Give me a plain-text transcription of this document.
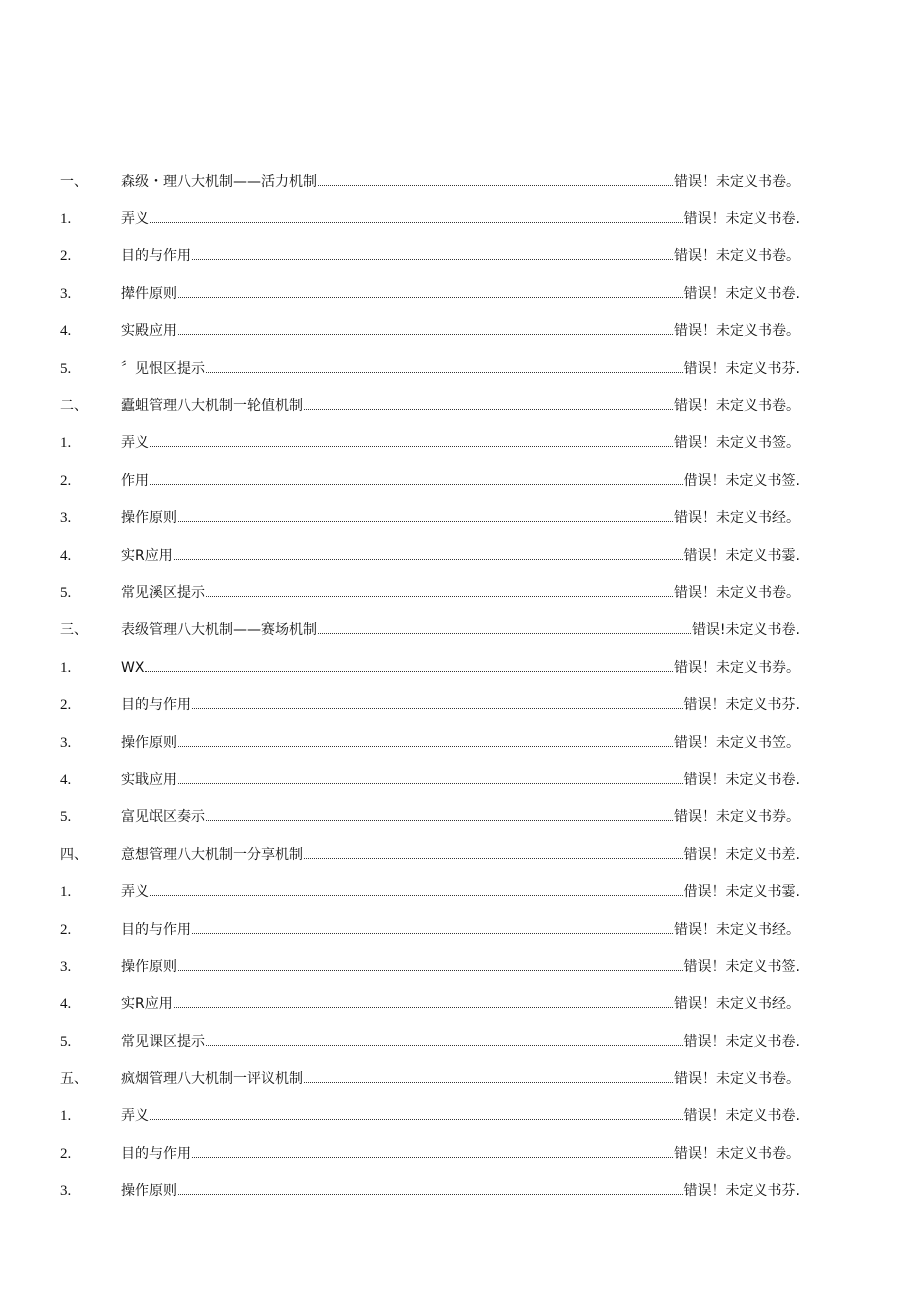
一、 森级・理八大机制——活力机制	错误！未定义书卷。
1.	弄义	错误！未定义书卷.
2.	目的与作用	错误！未定义书卷。
3.	撵件原则	错误！未定义书卷.
4.	实殿应用	错误！未定义书卷。
5.	〞见恨区提示	错误！未定义书芬.
二、 蠹蛆管理八大机制一轮值机制	错误！未定义书卷。
1.	弄义	错误！未定义书签。
2.	作用	借误！未定义书签.
3.	操作原则	错误！未定义书经。
4.	实R应用	错误！未定义书霎.
5.	常见溪区提示	错误！未定义书卷。
三、 表级管理八大机制——赛场机制	错误!未定义书卷.
1.	WX	错误！未定义书券。
2.	目的与作用	错误！未定义书芬.
3.	操作原则	错误！未定义书笠。
4.	实戢应用	错误！未定义书卷.
5.	富见氓区奏示	错误！未定义书券。
四、 意想管理八大机制一分享机制	错误！未定义书差.
1.	弄义	借误！未定义书霎.
2.	目的与作用	错误！未定义书经。
3.	操作原则	错误！未定义书签.
4.	实R应用	错误！未定义书经。
5.	常见课区提示	错误！未定义书卷.
五、 疯烟管理八大机制一评议机制	错误！未定义书卷。
1.	弄义	错误！未定义书卷.
2.	目的与作用	错误！未定义书卷。
3.	操作原则	错误！未定义书芬.
